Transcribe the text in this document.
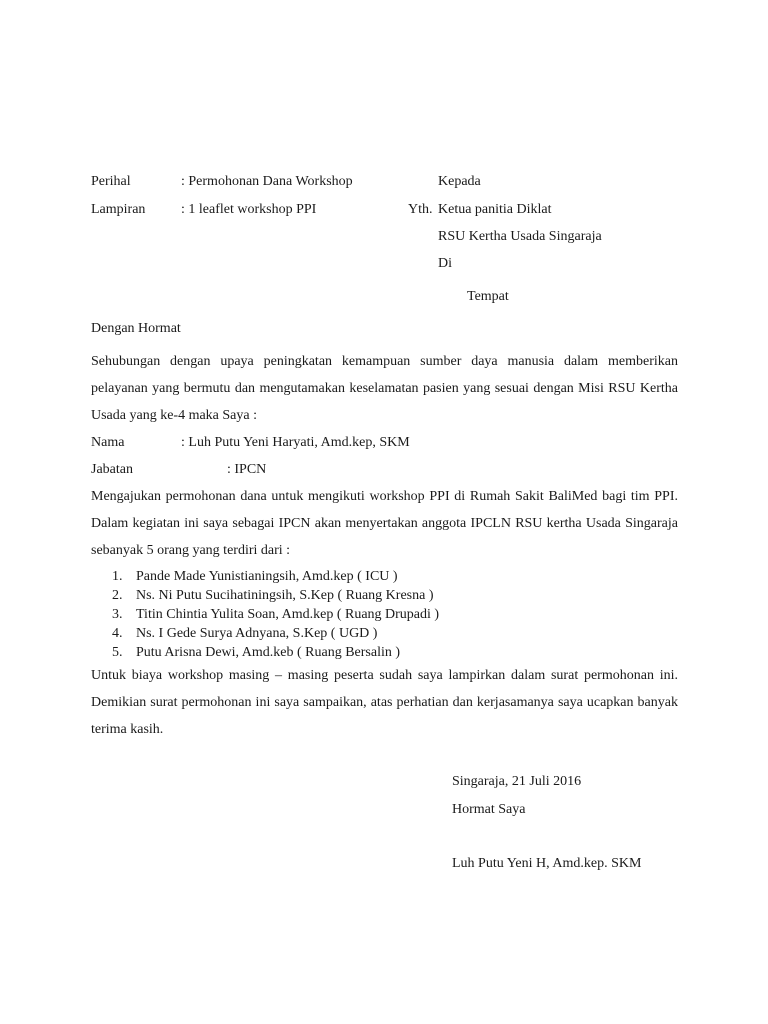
Perihal	: Permohonan Dana Workshop
Lampiran	: 1 leaflet workshop PPI
Kepada
Yth. Ketua panitia Diklat
RSU Kertha Usada Singaraja
Di
Tempat
Dengan Hormat
Sehubungan dengan upaya peningkatan kemampuan sumber daya manusia dalam memberikan pelayanan yang bermutu dan mengutamakan keselamatan pasien yang sesuai dengan Misi RSU Kertha Usada yang ke-4 maka Saya :
Nama	: Luh Putu Yeni Haryati, Amd.kep, SKM
Jabatan	: IPCN
Mengajukan permohonan dana untuk mengikuti workshop PPI di Rumah Sakit BaliMed bagi tim PPI. Dalam kegiatan ini saya sebagai IPCN akan menyertakan anggota IPCLN RSU kertha Usada Singaraja sebanyak 5 orang yang terdiri dari :
1. Pande Made Yunistianingsih, Amd.kep ( ICU )
2. Ns. Ni Putu Sucihatiningsih, S.Kep ( Ruang Kresna )
3. Titin Chintia Yulita Soan, Amd.kep ( Ruang Drupadi )
4. Ns. I Gede Surya Adnyana, S.Kep ( UGD )
5. Putu Arisna Dewi, Amd.keb ( Ruang Bersalin )
Untuk biaya workshop masing – masing peserta sudah saya lampirkan dalam surat permohonan ini. Demikian surat permohonan ini saya sampaikan, atas perhatian dan kerjasamanya saya ucapkan banyak terima kasih.
Singaraja, 21 Juli 2016
Hormat Saya
Luh Putu Yeni H, Amd.kep. SKM
